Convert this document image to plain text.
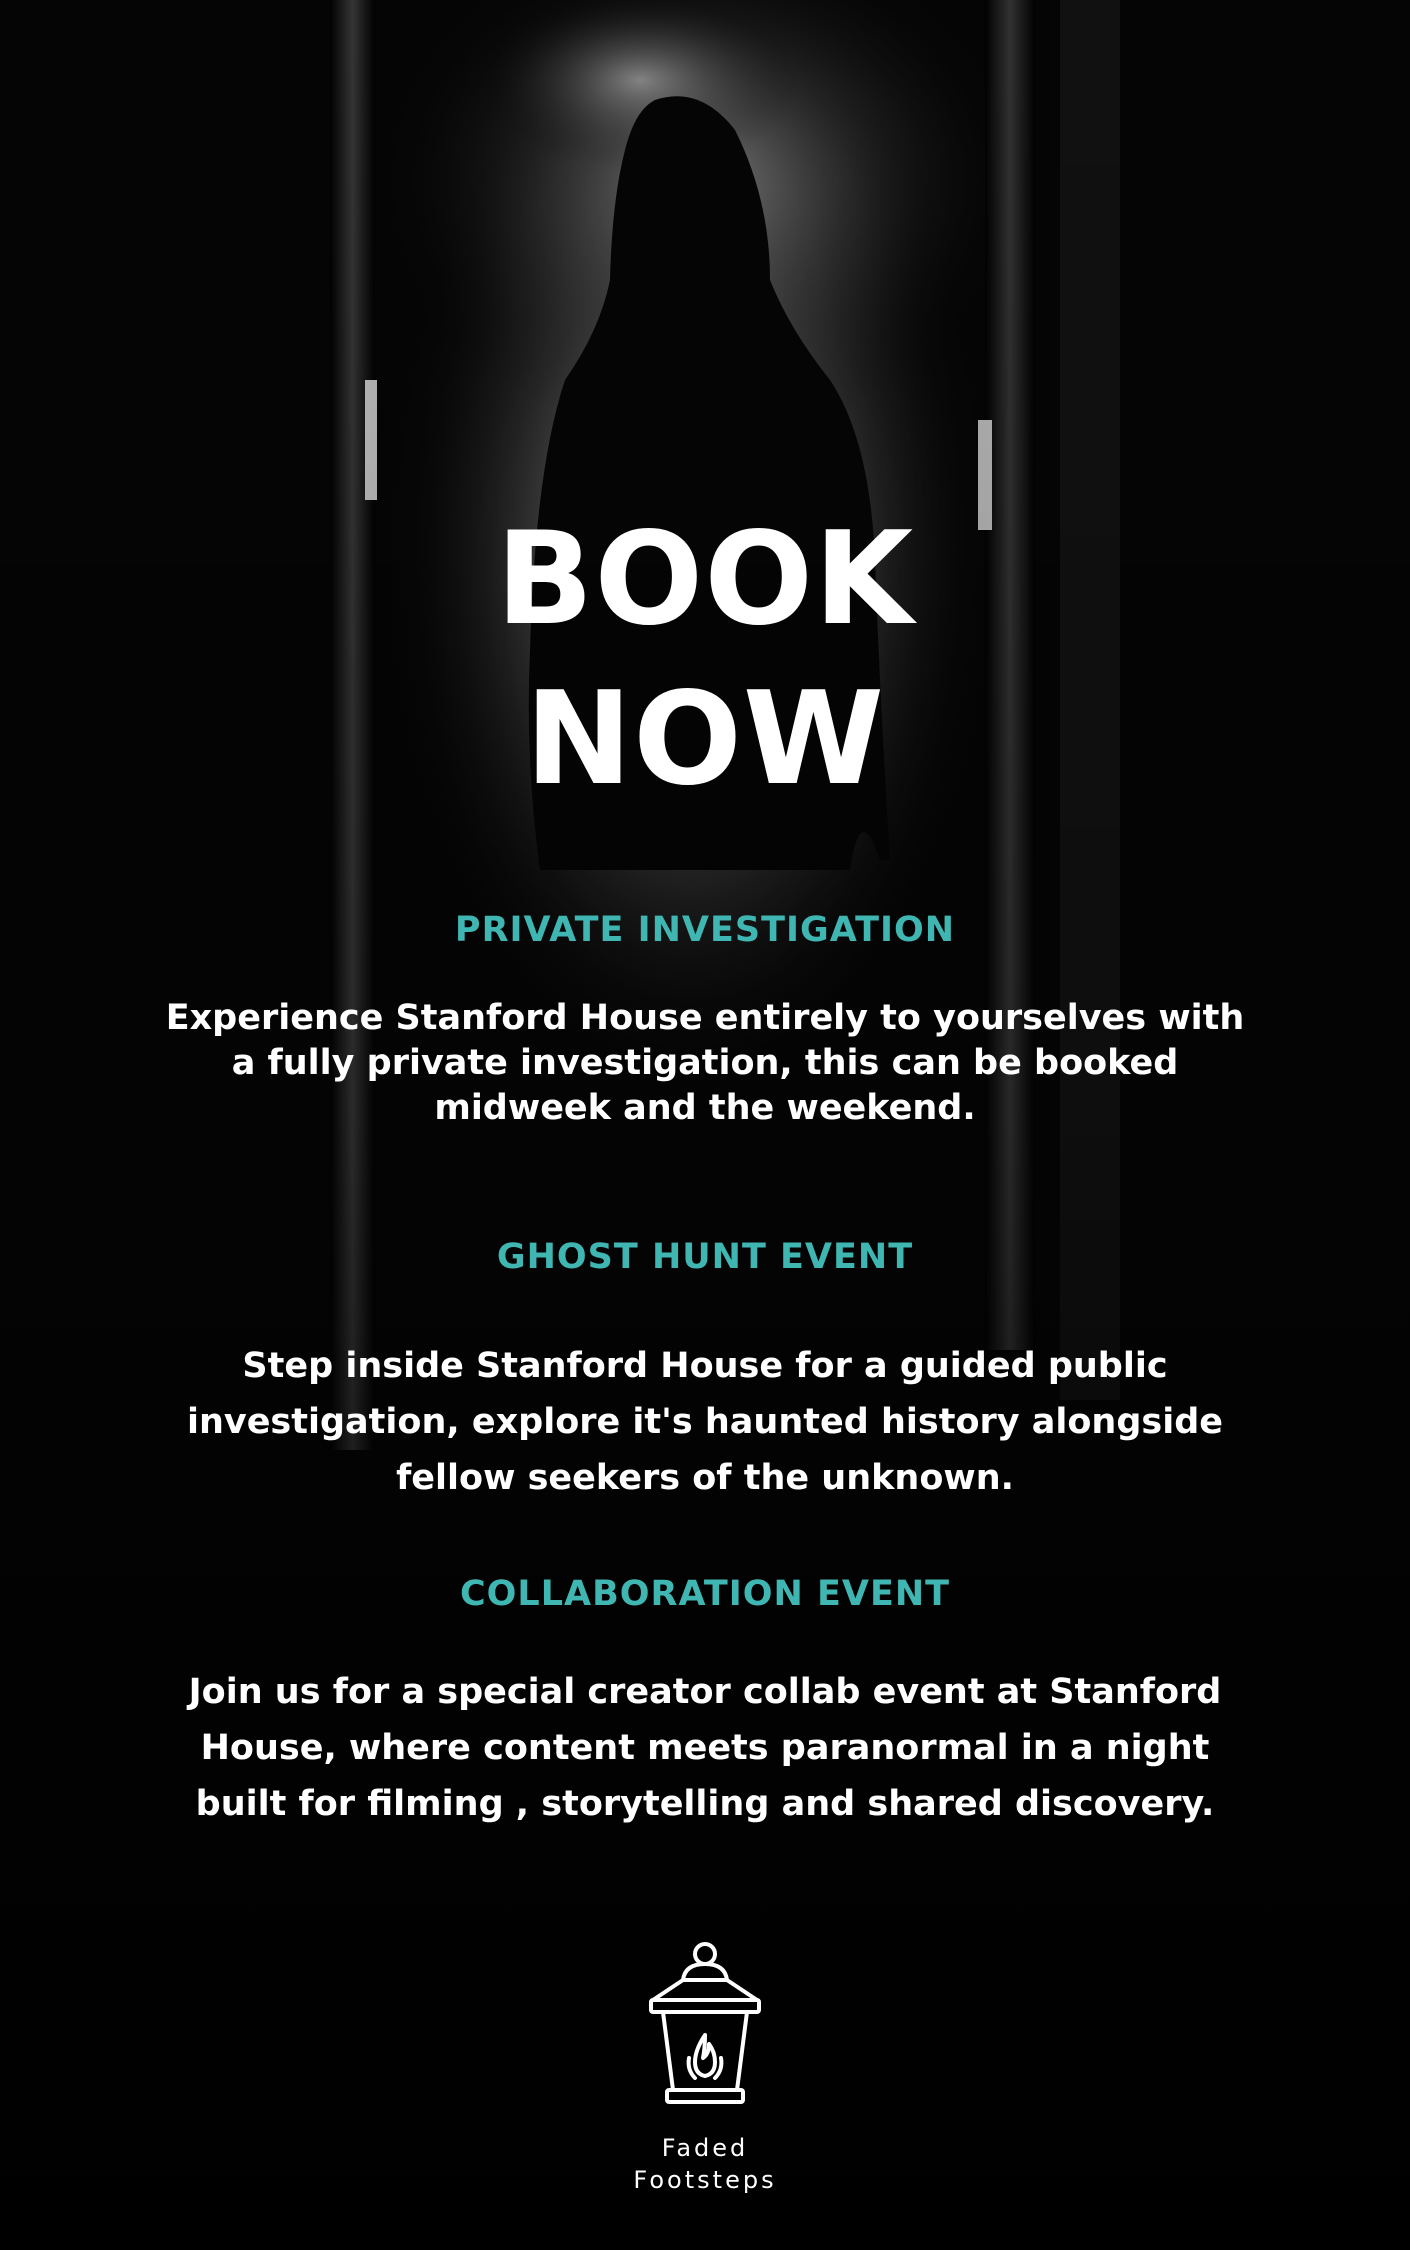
BOOK
NOW
PRIVATE INVESTIGATION
Experience Stanford House entirely to yourselves with a fully private investigation, this can be booked midweek and the weekend.
GHOST HUNT EVENT
Step inside Stanford House for a guided public investigation, explore it's haunted history alongside fellow seekers of the unknown.
COLLABORATION EVENT
Join us for a special creator collab event at Stanford House, where content meets paranormal in a night built for filming , storytelling and shared discovery.
Faded
Footsteps
